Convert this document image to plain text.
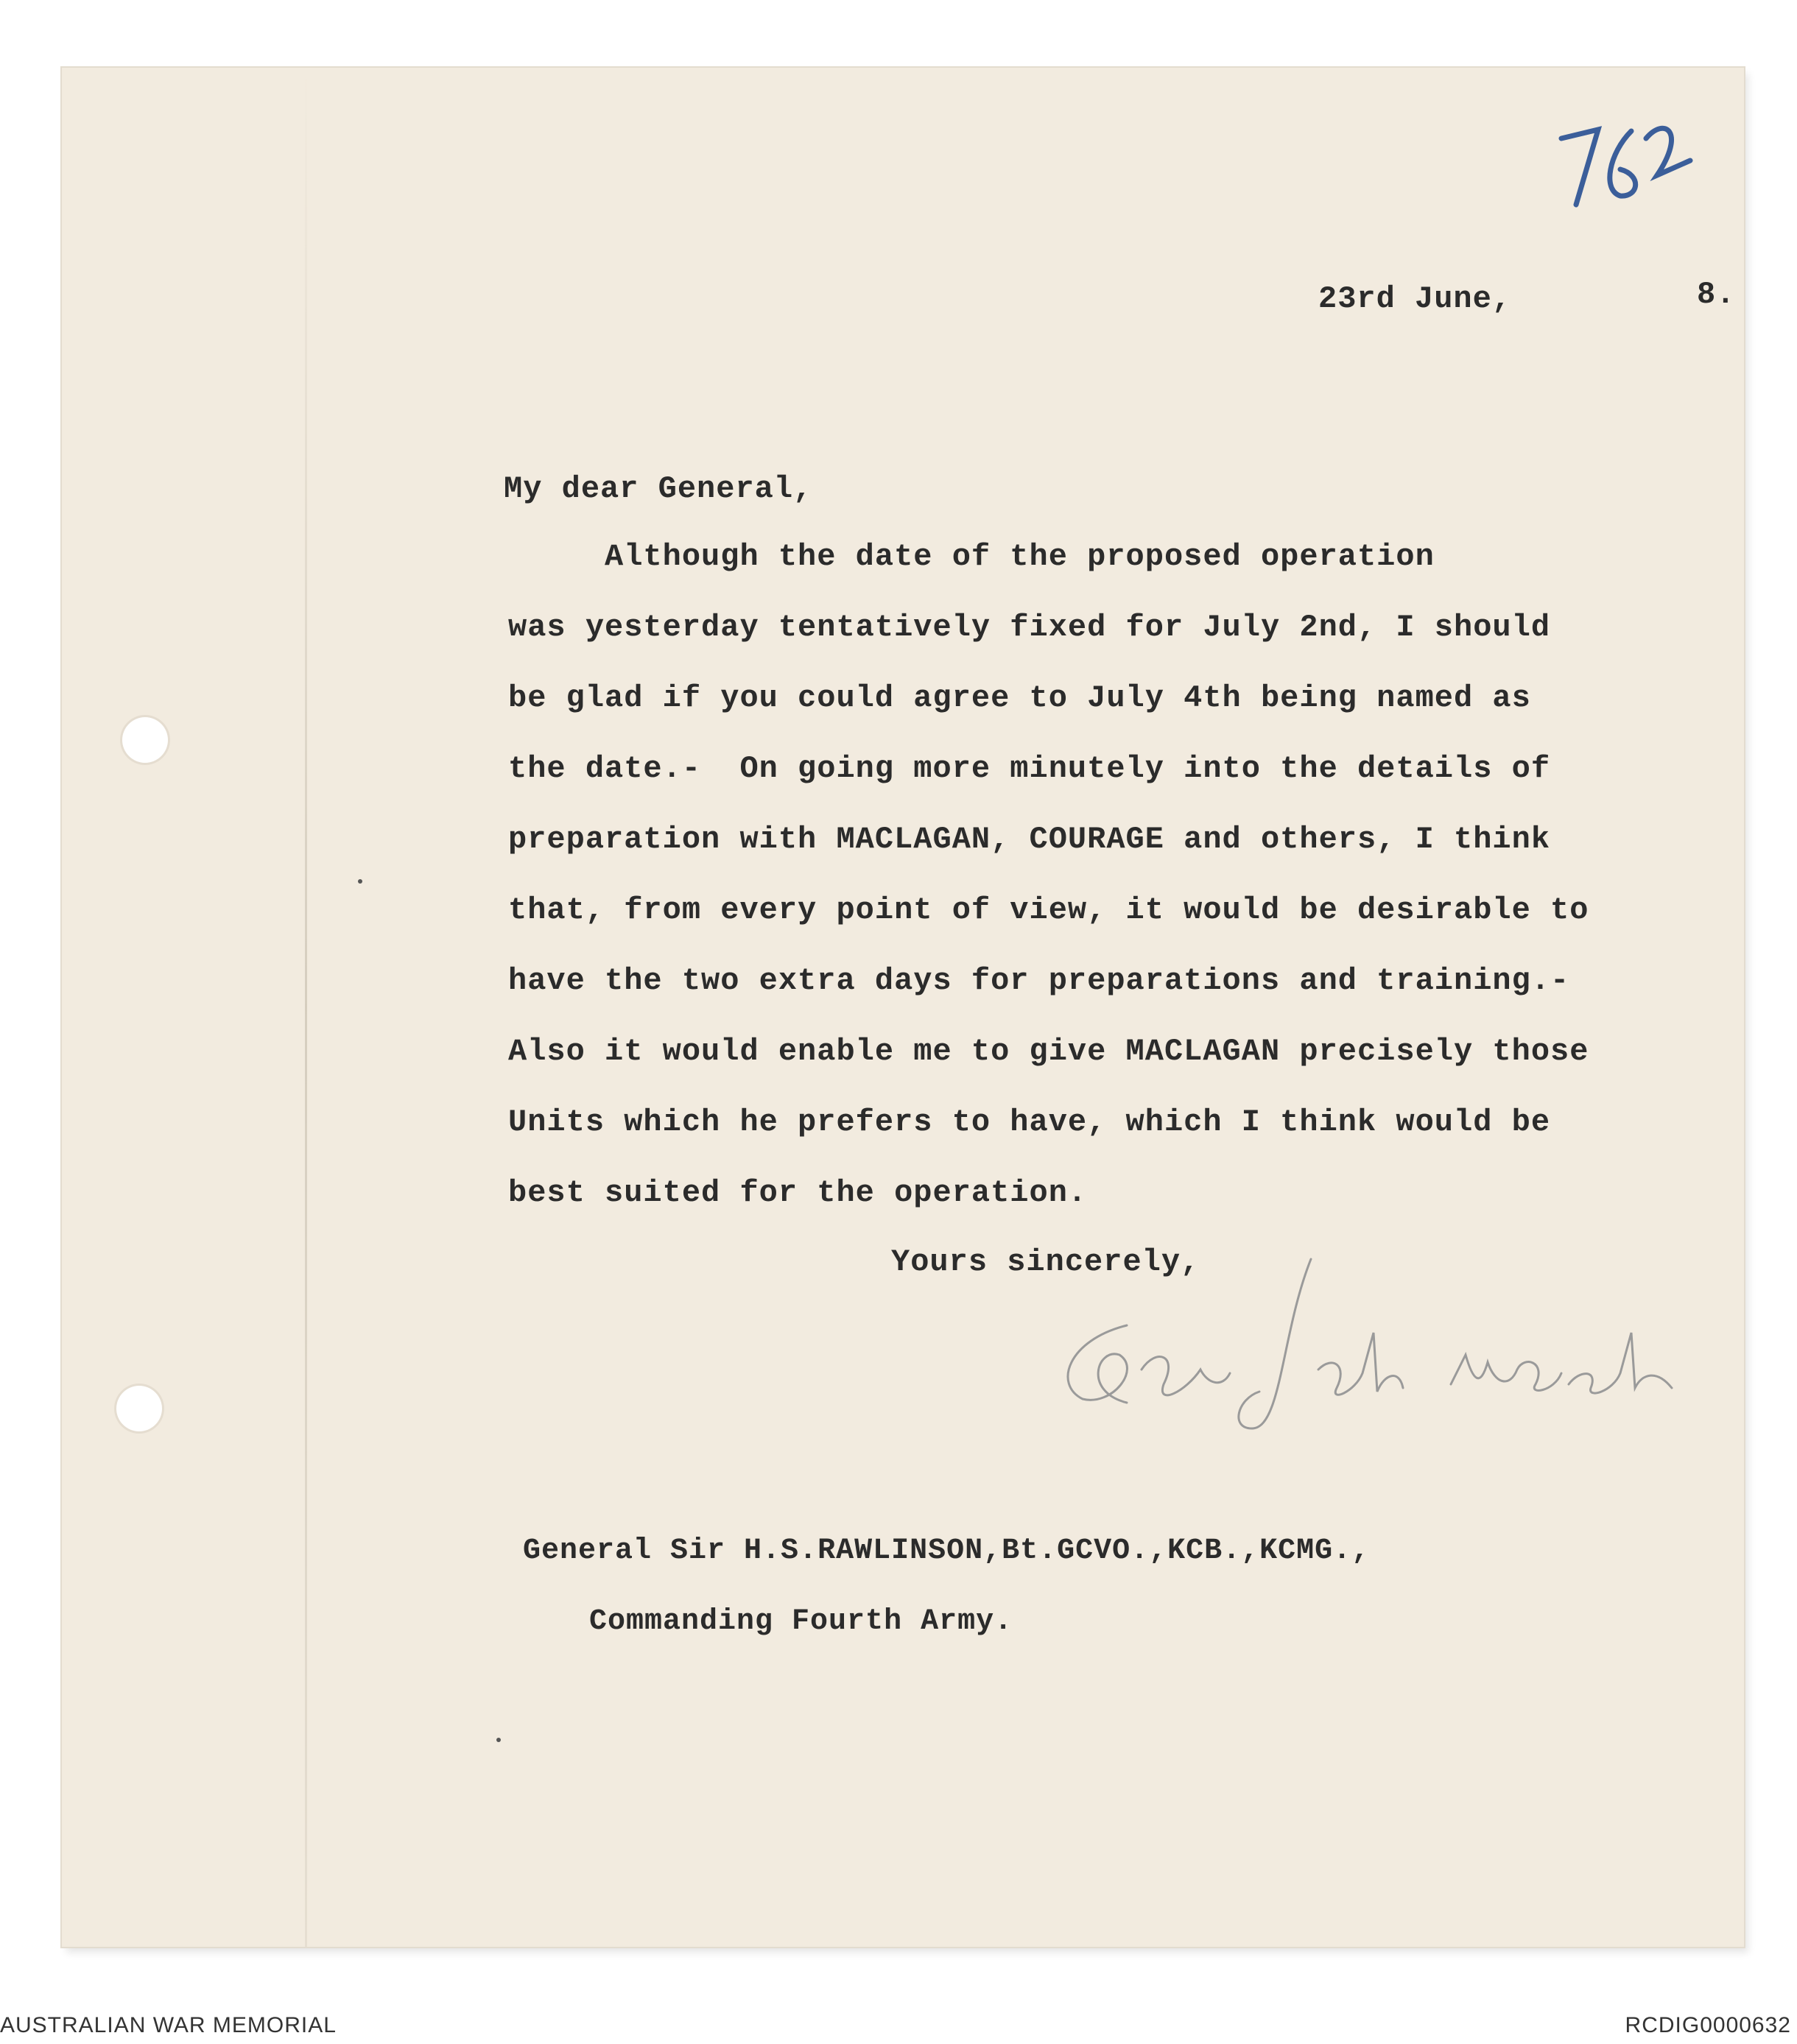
23rd June,	8.
My dear General,
Although the date of the proposed operation
was yesterday tentatively fixed for July 2nd, I should
be glad if you could agree to July 4th being named as
the date.-  On going more minutely into the details of
preparation with MACLAGAN, COURAGE and others, I think
that, from every point of view, it would be desirable to
have the two extra days for preparations and training.-
Also it would enable me to give MACLAGAN precisely those
Units which he prefers to have, which I think would be
best suited for the operation.
Yours sincerely,
General Sir H.S.RAWLINSON,Bt.GCVO.,KCB.,KCMG.,
Commanding Fourth Army.
AUSTRALIAN WAR MEMORIAL	RCDIG0000632
